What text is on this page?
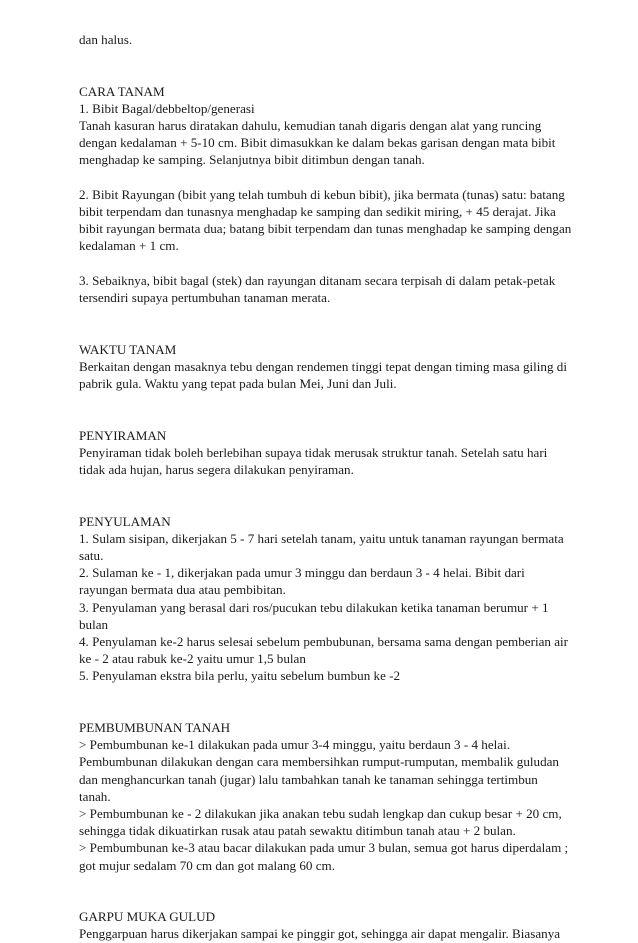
dan halus.
CARA TANAM
1. Bibit Bagal/debbeltop/generasi
Tanah kasuran harus diratakan dahulu, kemudian tanah digaris dengan alat yang runcing
dengan kedalaman + 5-10 cm. Bibit dimasukkan ke dalam bekas garisan dengan mata bibit
menghadap ke samping. Selanjutnya bibit ditimbun dengan tanah.
2. Bibit Rayungan (bibit yang telah tumbuh di kebun bibit), jika bermata (tunas) satu: batang
bibit terpendam dan tunasnya menghadap ke samping dan sedikit miring, + 45 derajat. Jika
bibit rayungan bermata dua; batang bibit terpendam dan tunas menghadap ke samping dengan
kedalaman + 1 cm.
3. Sebaiknya, bibit bagal (stek) dan rayungan ditanam secara terpisah di dalam petak-petak
tersendiri supaya pertumbuhan tanaman merata.
WAKTU TANAM
Berkaitan dengan masaknya tebu dengan rendemen tinggi tepat dengan timing masa giling di
pabrik gula. Waktu yang tepat pada bulan Mei, Juni dan Juli.
PENYIRAMAN
Penyiraman tidak boleh berlebihan supaya tidak merusak struktur tanah. Setelah satu hari
tidak ada hujan, harus segera dilakukan penyiraman.
PENYULAMAN
1. Sulam sisipan, dikerjakan 5 - 7 hari setelah tanam, yaitu untuk tanaman rayungan bermata
satu.
2. Sulaman ke - 1, dikerjakan pada umur 3 minggu dan berdaun 3 - 4 helai. Bibit dari
rayungan bermata dua atau pembibitan.
3. Penyulaman yang berasal dari ros/pucukan tebu dilakukan ketika tanaman berumur + 1
bulan
4. Penyulaman ke-2 harus selesai sebelum pembubunan, bersama sama dengan pemberian air
ke - 2 atau rabuk ke-2 yaitu umur 1,5 bulan
5. Penyulaman ekstra bila perlu, yaitu sebelum bumbun ke -2
PEMBUMBUNAN TANAH
> Pembumbunan ke-1 dilakukan pada umur 3-4 minggu, yaitu berdaun 3 - 4 helai.
Pembumbunan dilakukan dengan cara membersihkan rumput-rumputan, membalik guludan
dan menghancurkan tanah (jugar) lalu tambahkan tanah ke tanaman sehingga tertimbun
tanah.
> Pembumbunan ke - 2 dilakukan jika anakan tebu sudah lengkap dan cukup besar + 20 cm,
sehingga tidak dikuatirkan rusak atau patah sewaktu ditimbun tanah atau + 2 bulan.
> Pembumbunan ke-3 atau bacar dilakukan pada umur 3 bulan, semua got harus diperdalam ;
got mujur sedalam 70 cm dan got malang 60 cm.
GARPU MUKA GULUD
Penggarpuan harus dikerjakan sampai ke pinggir got, sehingga air dapat mengalir. Biasanya
